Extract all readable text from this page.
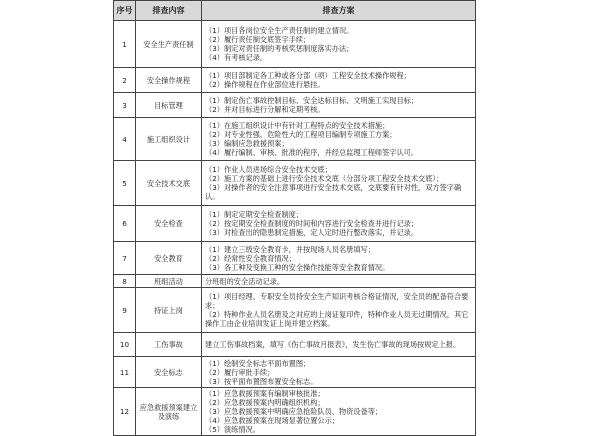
序号	排查内容	排查方案
1	安全生产责任制	（1）项目各岗位安全生产责任制的建立情况。
（2）履行责任制交底签字手续；
（3）制定对责任制的考核奖惩制度落实办法；
（4）有考核记录。

2	安全操作规程	（1）项目部制定各工种或各分部（项）工程安全技术操作规程；
（2）操作规程在作业部位进行悬挂。

3	目标管理	（1）制定伤亡事故控制目标、安全达标目标、文明施工实现目标；
（2）并对目标进行分解和定期考核。

4	施工组织设计	（1）在施工组织设计中有针对工程特点的安全技术措施；
（2）对专业性强、危险性大的工程项目编制专项施工方案；
（3）编制应急救援预案；
（4）履行编制、审核、批准的程序，并经总监理工程师签字认可。

5	安全技术交底	（1）作业人员进场综合安全技术交底；
（2）施工方案的基础上进行安全技术交底（分部分项工程安全技术交底）；
（3）对操作者的安全注意事项进行安全技术交底，交底要有针对性，双方签字确认。

6	安全检查	（1）制定定期安全检查制度；
（2）按定期安全检查制度的时间和内容进行安全检查并进行记录；
（3）对检查出的隐患制定措施，定人定时进行整改落实，并记录。

7	安全教育	（1）建立三级安全教育卡，并按现场人员名册填写；
（2）经常性安全教育情况；
（3）各工种及变换工种的安全操作技能等安全教育情况。

8	班组活动	分班组的安全活动记录。

9	持证上岗	（1）项目经理、专职安全员持安全生产知识考核合格证情况，安全员的配备符合要求；
（2）特种作业人员名册及之对应的上岗证复印件，特种作业人员无过期情况，其它操作工由企业培训发证上岗并建立档案。

10	工伤事故	建立工伤事故档案，填写《伤亡事故月报表》，发生伤亡事故的现场按规定上报。

11	安全标志	（1）绘制安全标志平面布置图；
（2）履行审批手续；
（3）按平面布置图布置安全标志。

12	应急救援预案建立及演练	（1）应急救援预案有编制审核批准；
（2）应急救援预案内明确组织机构；
（3）应急救援预案中明确应急抢险队员、物资设备等；
（4）应急救援预案在现场显著位置公示；
（5）演练情况。
